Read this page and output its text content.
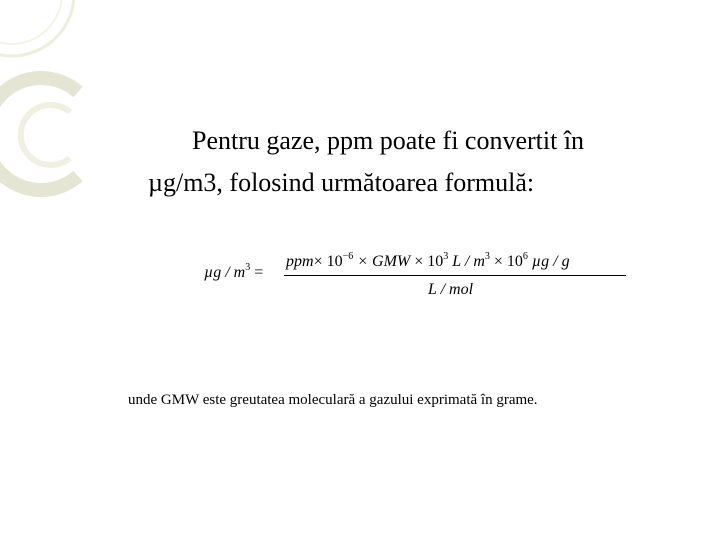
Pentru gaze, ppm poate fi convertit în
µg/m3, folosind următoarea formulă:
µg / $m^3$ =
$ppm\times 10^{-6}$ × GMW × $10^3$ $L / m^3 \times 10^6$ µg / g
L / mol
unde GMW este greutatea moleculară a gazului exprimată în grame.
